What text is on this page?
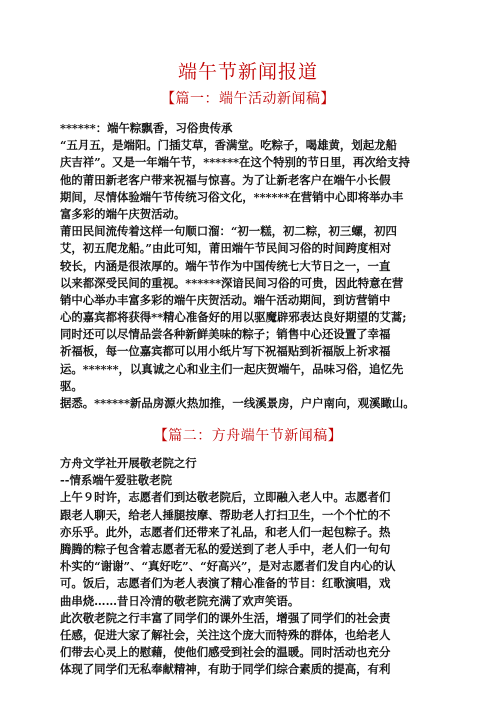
端午节新闻报道
【篇一：端午活动新闻稿】
******：端午粽飘香，习俗贵传承
“五月五，是端阳。门插艾草，香满堂。吃粽子，喝雄黄，划起龙船
庆吉祥”。又是一年端午节，******在这个特别的节日里，再次给支持
他的莆田新老客户带来祝福与惊喜。为了让新老客户在端午小长假
期间，尽情体验端午节传统习俗文化，******在营销中心即将举办丰
富多彩的端午庆贺活动。
莆田民间流传着这样一句顺口溜：“初一糕，初二粽，初三螺，初四
艾，初五爬龙船。”由此可知，莆田端午节民间习俗的时间跨度相对
较长，内涵是很浓厚的。端午节作为中国传统七大节日之一，一直
以来都深受民间的重视。******深谙民间习俗的可贵，因此特意在营
销中心举办丰富多彩的端午庆贺活动。端午活动期间，到访营销中
心的嘉宾都将获得**精心准备好的用以驱魔辟邪表达良好期望的艾蒿;
同时还可以尽情品尝各种新鲜美味的粽子；销售中心还设置了幸福
祈福板，每一位嘉宾都可以用小纸片写下祝福贴到祈福版上祈求福
运。******，以真诚之心和业主们一起庆贺端午，品味习俗，追忆先
驱。
据悉。******新品房源火热加推，一线溪景房，户户南向，观溪瞰山。
【篇二：方舟端午节新闻稿】
方舟文学社开展敬老院之行
--情系端午爱驻敬老院
上午９时许，志愿者们到达敬老院后，立即融入老人中。志愿者们
跟老人聊天，给老人捶腿按摩、帮助老人打扫卫生，一个个忙的不
亦乐乎。此外，志愿者们还带来了礼品，和老人们一起包粽子。热
腾腾的粽子包含着志愿者无私的爱送到了老人手中，老人们一句句
朴实的“谢谢”、“真好吃”、“好高兴”，是对志愿者们发自内心的认
可。饭后，志愿者们为老人表演了精心准备的节目：红歌演唱，戏
曲串烧……昔日冷清的敬老院充满了欢声笑语。
此次敬老院之行丰富了同学们的课外生活，增强了同学们的社会责
任感，促进大家了解社会，关注这个庞大而特殊的群体，也给老人
们带去心灵上的慰藉，使他们感受到社会的温暖。同时活动也充分
体现了同学们无私奉献精神，有助于同学们综合素质的提高，有利
